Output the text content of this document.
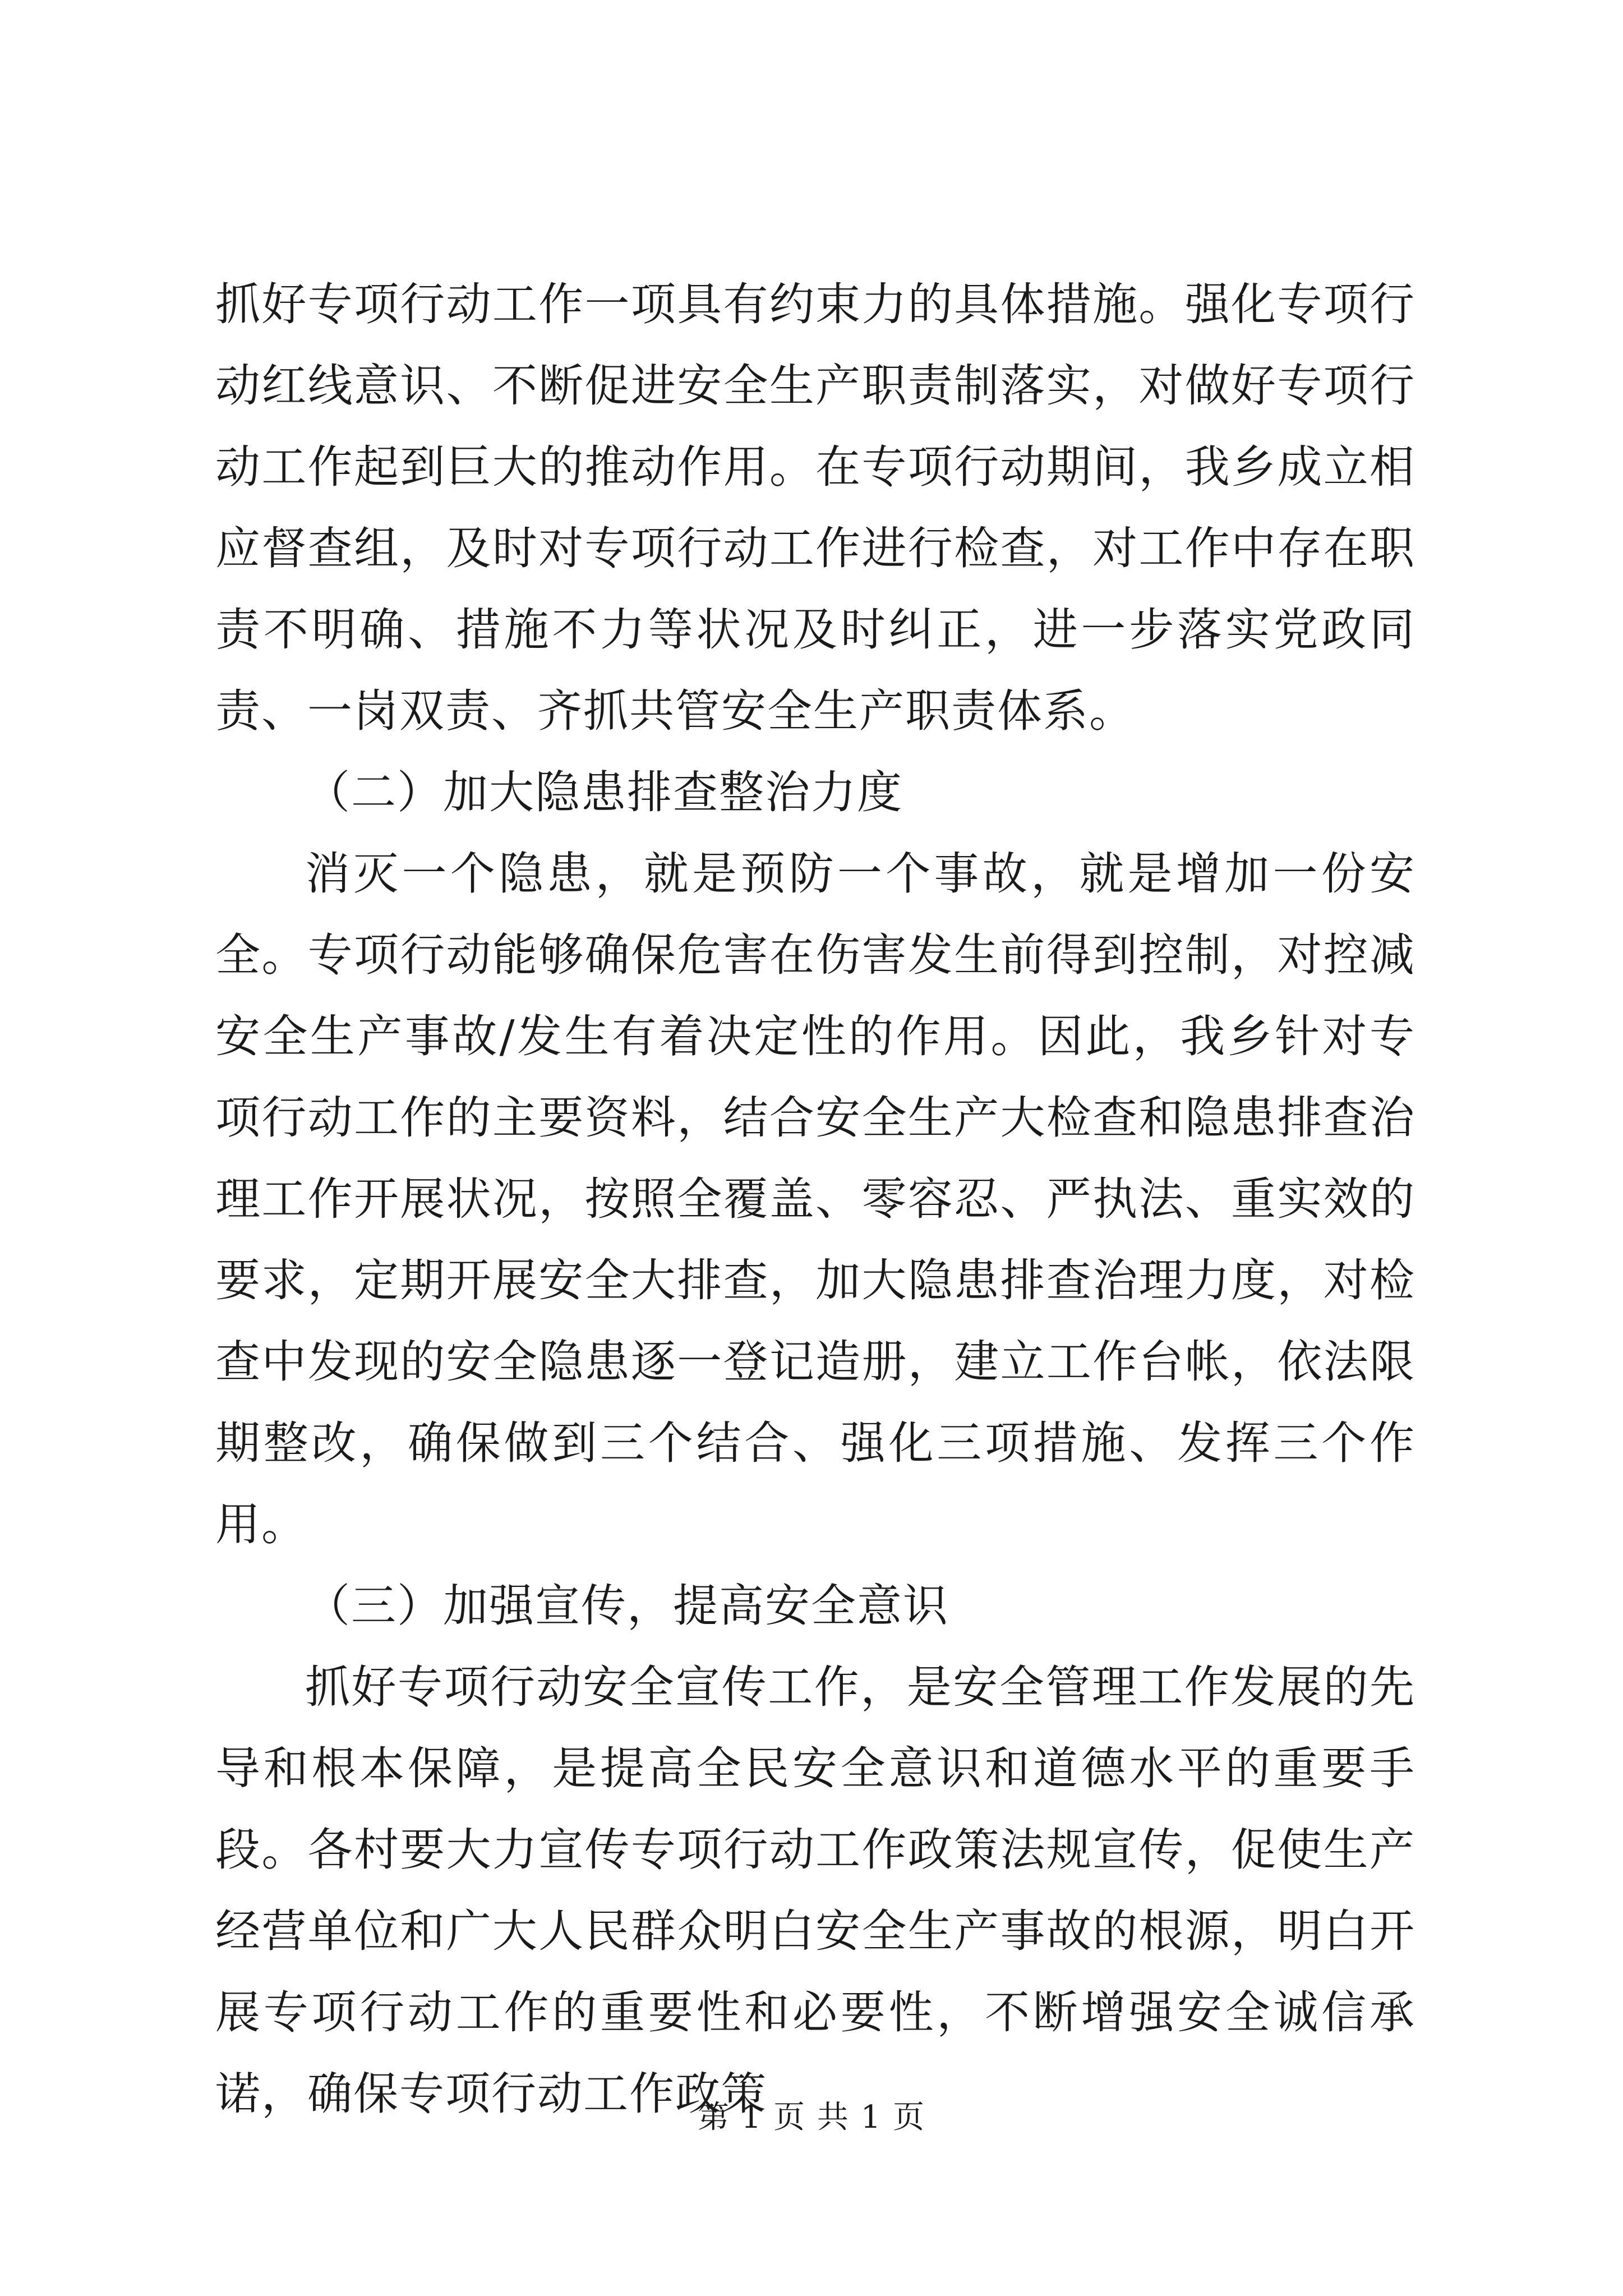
抓好专项行动工作一项具有约束力的具体措施。强化专项行动红线意识、不断促进安全生产职责制落实，对做好专项行动工作起到巨大的推动作用。在专项行动期间，我乡成立相应督查组，及时对专项行动工作进行检查，对工作中存在职责不明确、措施不力等状况及时纠正，进一步落实党政同责、一岗双责、齐抓共管安全生产职责体系。

（二）加大隐患排查整治力度

消灭一个隐患，就是预防一个事故，就是增加一份安全。专项行动能够确保危害在伤害发生前得到控制，对控减安全生产事故/发生有着决定性的作用。因此，我乡针对专项行动工作的主要资料，结合安全生产大检查和隐患排查治理工作开展状况，按照全覆盖、零容忍、严执法、重实效的要求，定期开展安全大排查，加大隐患排查治理力度，对检查中发现的安全隐患逐一登记造册，建立工作台帐，依法限期整改，确保做到三个结合、强化三项措施、发挥三个作用。

（三）加强宣传，提高安全意识

抓好专项行动安全宣传工作，是安全管理工作发展的先导和根本保障，是提高全民安全意识和道德水平的重要手段。各村要大力宣传专项行动工作政策法规宣传，促使生产经营单位和广大人民群众明白安全生产事故的根源，明白开展专项行动工作的重要性和必要性，不断增强安全诚信承诺，确保专项行动工作政策

第 1 页 共 1 页
